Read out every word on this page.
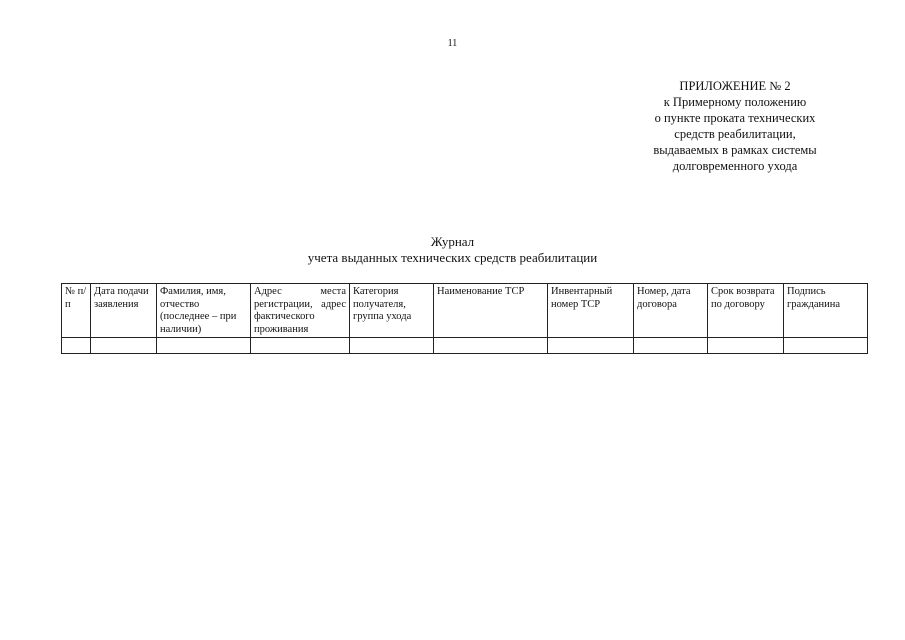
11
ПРИЛОЖЕНИЕ № 2
к Примерному положению
о пункте проката технических
средств реабилитации,
выдаваемых в рамках системы
долговременного ухода
Журнал
учета выданных технических средств реабилитации
№ п/п	Дата подачи заявления	Фамилия, имя, отчество (последнее – при наличии)	Адрес места регистрации, адрес фактического проживания	Категория получателя, группа ухода	Наименование ТСР	Инвентарный номер ТСР	Номер, дата договора	Срок возврата по договору	Подпись гражданина
